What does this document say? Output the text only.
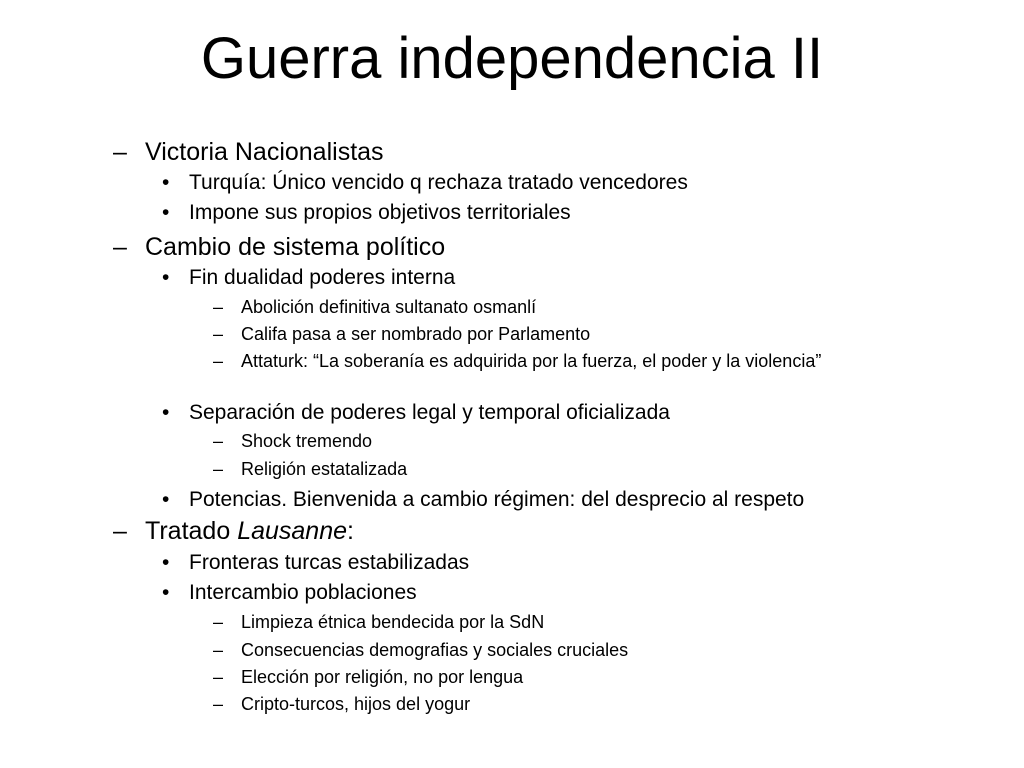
Guerra independencia II
– Victoria Nacionalistas
• Turquía: Único vencido q rechaza tratado vencedores
• Impone sus propios objetivos territoriales
– Cambio de sistema político
• Fin dualidad poderes interna
– Abolición definitiva sultanato osmanlí
– Califa pasa a ser nombrado por Parlamento
– Attaturk: “La soberanía es adquirida por la fuerza, el poder y la violencia”
• Separación de poderes legal y temporal oficializada
– Shock tremendo
– Religión estatalizada
• Potencias. Bienvenida a cambio régimen: del desprecio al respeto
– Tratado Lausanne:
• Fronteras turcas estabilizadas
• Intercambio poblaciones
– Limpieza étnica bendecida por la SdN
– Consecuencias demografias y sociales cruciales
– Elección por religión, no por lengua
– Cripto-turcos, hijos del yogur
